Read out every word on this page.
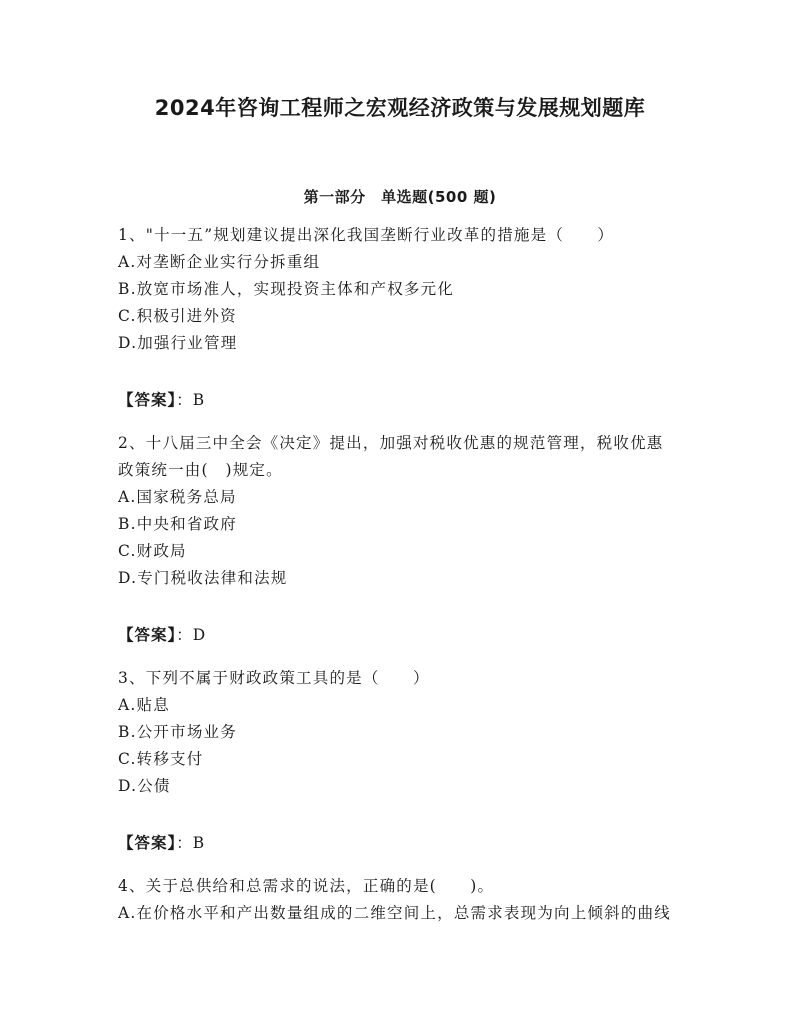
2024年咨询工程师之宏观经济政策与发展规划题库
第一部分　单选题(500 题)
1、"十一五”规划建议提出深化我国垄断行业改革的措施是（　　）
A.对垄断企业实行分拆重组
B.放宽市场准人，实现投资主体和产权多元化
C.积极引进外资
D.加强行业管理
【答案】：B
2、十八届三中全会《决定》提出，加强对税收优惠的规范管理，税收优惠政策统一由(　)规定。
A.国家税务总局
B.中央和省政府
C.财政局
D.专门税收法律和法规
【答案】：D
3、下列不属于财政政策工具的是（　　）
A.贴息
B.公开市场业务
C.转移支付
D.公债
【答案】：B
4、关于总供给和总需求的说法，正确的是(　　)。
A.在价格水平和产出数量组成的二维空间上，总需求表现为向上倾斜的曲线
